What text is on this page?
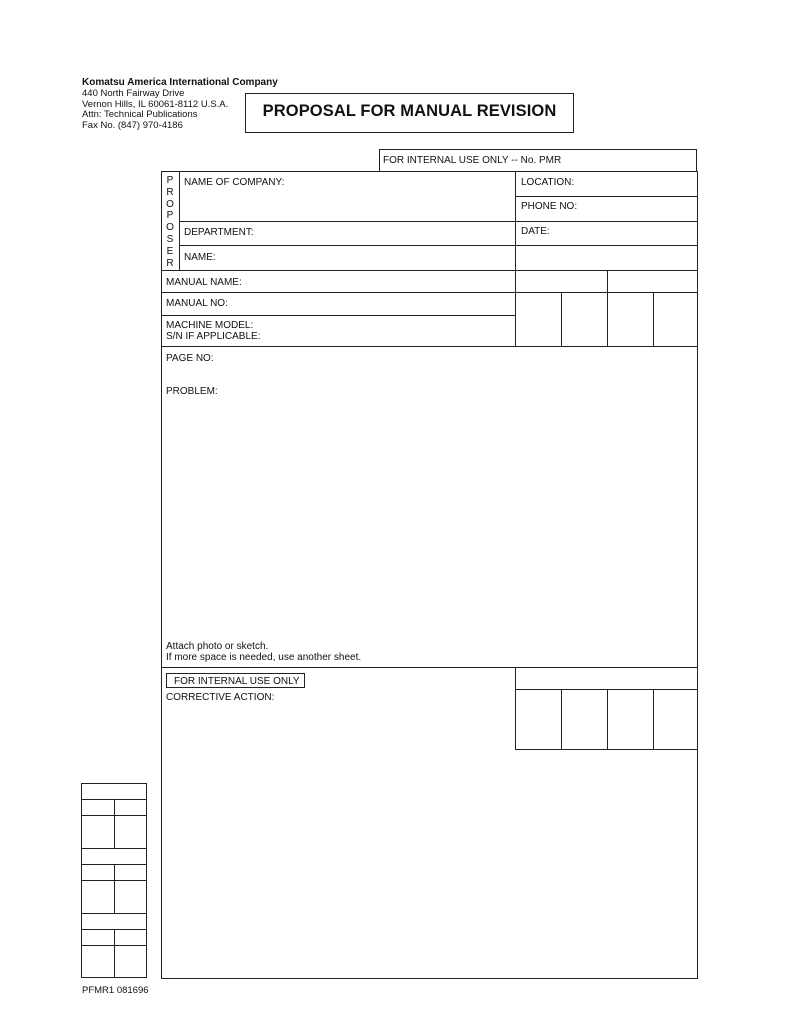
Komatsu America International Company
440 North Fairway Drive
Vernon Hills, IL 60061-8112 U.S.A.
Attn: Technical Publications
Fax No. (847) 970-4186
PROPOSAL FOR MANUAL REVISION
FOR INTERNAL USE ONLY -- No. PMR
P
R
O
P
O
S
E
R
NAME OF COMPANY:	LOCATION:
PHONE NO:
DEPARTMENT:	DATE:
NAME:
MANUAL NAME:
MANUAL NO:
MACHINE MODEL:
S/N IF APPLICABLE:
PAGE NO:
PROBLEM:
Attach photo or sketch.
If more space is needed, use another sheet.
FOR INTERNAL USE ONLY
CORRECTIVE ACTION:
PFMR1 081696
